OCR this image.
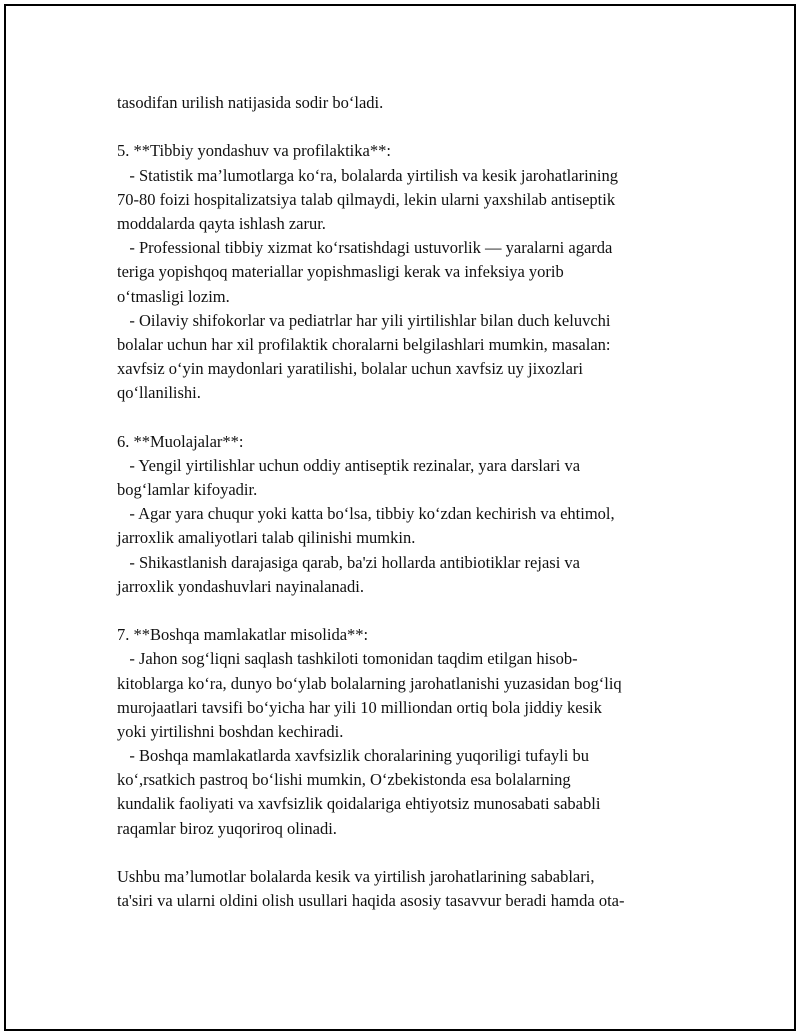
tasodifan urilish natijasida sodir bo‘ladi.
5. **Tibbiy yondashuv va profilaktika**:
- Statistik ma’lumotlarga ko‘ra, bolalarda yirtilish va kesik jarohatlarining
70-80 foizi hospitalizatsiya talab qilmaydi, lekin ularni yaxshilab antiseptik
moddalarda qayta ishlash zarur.
- Professional tibbiy xizmat ko‘rsatishdagi ustuvorlik — yaralarni agarda
teriga yopishqoq materiallar yopishmasligi kerak va infeksiya yorib
o‘tmasligi lozim.
- Oilaviy shifokorlar va pediatrlar har yili yirtilishlar bilan duch keluvchi
bolalar uchun har xil profilaktik choralarni belgilashlari mumkin, masalan:
xavfsiz o‘yin maydonlari yaratilishi, bolalar uchun xavfsiz uy jixozlari
qo‘llanilishi.
6. **Muolajalar**:
- Yengil yirtilishlar uchun oddiy antiseptik rezinalar, yara darslari va
bog‘lamlar kifoyadir.
- Agar yara chuqur yoki katta bo‘lsa, tibbiy ko‘zdan kechirish va ehtimol,
jarroxlik amaliyotlari talab qilinishi mumkin.
- Shikastlanish darajasiga qarab, ba'zi hollarda antibiotiklar rejasi va
jarroxlik yondashuvlari nayinalanadi.
7. **Boshqa mamlakatlar misolida**:
- Jahon sog‘liqni saqlash tashkiloti tomonidan taqdim etilgan hisob-
kitoblarga ko‘ra, dunyo bo‘ylab bolalarning jarohatlanishi yuzasidan bog‘liq
murojaatlari tavsifi bo‘yicha har yili 10 milliondan ortiq bola jiddiy kesik
yoki yirtilishni boshdan kechiradi.
- Boshqa mamlakatlarda xavfsizlik choralarining yuqoriligi tufayli bu
ko‘,rsatkich pastroq bo‘lishi mumkin, O‘zbekistonda esa bolalarning
kundalik faoliyati va xavfsizlik qoidalariga ehtiyotsiz munosabati sababli
raqamlar biroz yuqoriroq olinadi.
Ushbu ma’lumotlar bolalarda kesik va yirtilish jarohatlarining sabablari,
ta'siri va ularni oldini olish usullari haqida asosiy tasavvur beradi hamda ota-
